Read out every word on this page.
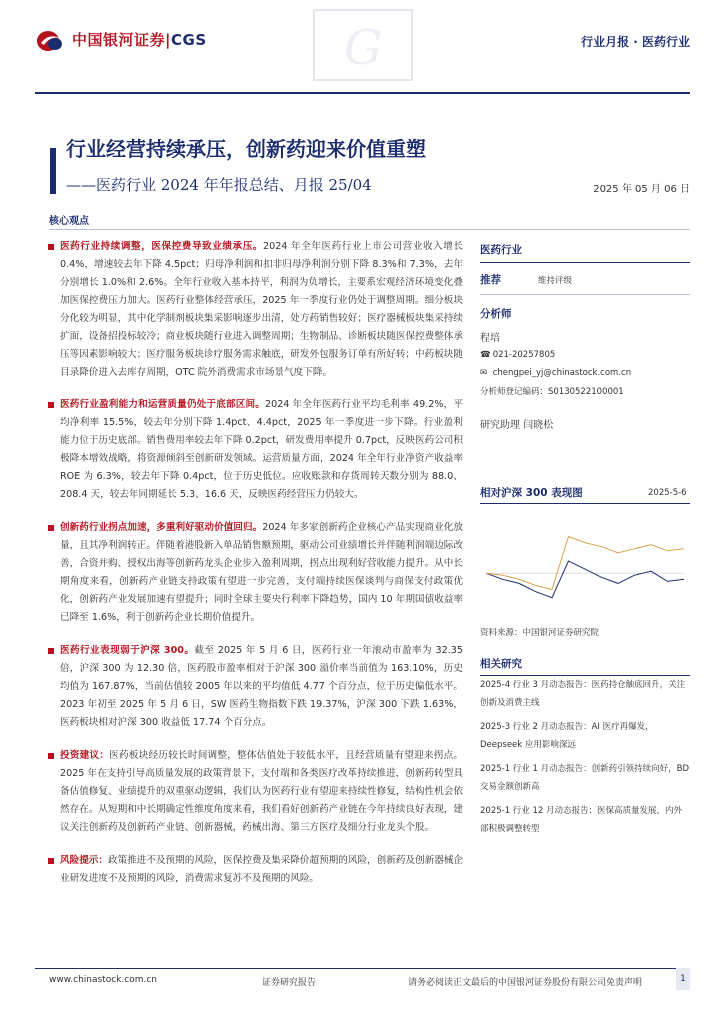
中国银河证券|CGS	G	行业月报 · 医药行业
行业经营持续承压，创新药迎来价值重塑
——医药行业 2024 年年报总结、月报 25/04	2025 年 05 月 06 日
核心观点

医药行业持续调整，医保控费导致业绩承压。2024 年全年医药行业上市公司营业收入增长 0.4%，增速较去年下降 4.5pct；归母净利润和扣非归母净利润分别下降 8.3%和 7.3%，去年分别增长 1.0%和 2.6%。全年行业收入基本持平，利润为负增长，主要系宏观经济环境变化叠加医保控费压力加大。医药行业整体经营承压，2025 年一季度行业仍处于调整周期。细分板块分化较为明显，其中化学制剂板块集采影响逐步出清，处方药销售较好；医疗器械板块集采持续扩面，设备招投标较冷；商业板块随行业进入调整周期；生物制品、诊断板块随医保控费整体承压等因素影响较大；医疗服务板块诊疗服务需求触底，研发外包服务订单有所好转；中药板块随目录降价进入去库存周期，OTC 院外消费需求市场景气度下降。

医药行业盈利能力和运营质量仍处于底部区间。2024 年全年医药行业平均毛利率 49.2%，平均净利率 15.5%，较去年分别下降 1.4pct、4.4pct，2025 年一季度进一步下降。行业盈利能力位于历史底部。销售费用率较去年下降 0.2pct，研发费用率提升 0.7pct，反映医药公司积极降本增效战略，将资源倾斜至创新研发领域。运营质量方面，2024 年全年行业净资产收益率 ROE 为 6.3%，较去年下降 0.4pct，位于历史低位。应收账款和存货周转天数分别为 88.0、208.4 天，较去年同期延长 5.3、16.6 天，反映医药经营压力仍较大。

创新药行业拐点加速，多重利好驱动价值回归。2024 年多家创新药企业核心产品实现商业化放量，且其净利润转正。伴随着港股新入单品销售额预期，驱动公司业绩增长并伴随利润端边际改善，合资并购、授权出海等创新药龙头企业步入盈利周期，拐点出现利好营收能力提升。从中长期角度来看，创新药产业链支持政策有望进一步完善，支付端持续医保谈判与商保支付政策优化，创新药产业发展加速有望提升；同时全球主要央行利率下降趋势，国内 10 年期国债收益率已降至 1.6%，利于创新药企业长期价值提升。

医药行业表现弱于沪深 300。截至 2025 年 5 月 6 日，医药行业一年滚动市盈率为 32.35 倍，沪深 300 为 12.30 倍，医药股市盈率相对于沪深 300 溢价率当前值为 163.10%，历史均值为 167.87%，当前估值较 2005 年以来的平均值低 4.77 个百分点，位于历史偏低水平。2023 年初至 2025 年 5 月 6 日，SW 医药生物指数下跌 19.37%，沪深 300 下跌 1.63%，医药板块相对沪深 300 收益低 17.74 个百分点。

投资建议：医药板块经历较长时间调整，整体估值处于较低水平，且经营质量有望迎来拐点。2025 年在支持引导高质量发展的政策背景下，支付端和各类医疗改革持续推进，创新药转型具备估值修复、业绩提升的双重驱动逻辑，我们认为医药行业有望迎来持续性修复，结构性机会依然存在。从短期和中长期确定性维度角度来看，我们看好创新药产业链在今年持续良好表现，建议关注创新药及创新药产业链、创新器械，药械出海、第三方医疗及细分行业龙头个股。

风险提示：政策推进不及预期的风险，医保控费及集采降价超预期的风险，创新药及创新器械企业研发进度不及预期的风险，消费需求复苏不及预期的风险。

医药行业
推荐	维持评级
分析师
程培
☎ 021-20257805
✉ chengpei_yj@chinastock.com.cn
分析师登记编码：S0130522100001
研究助理 闫晓松
相对沪深 300 表现图	2025-5-6
资料来源：中国银河证券研究院
相关研究
2025-4 行业 3 月动态报告：医药持仓触底回升，关注创新及消费主线
2025-3 行业 2 月动态报告：AI 医疗再爆发，Deepseek 应用影响深远
2025-1 行业 1 月动态报告：创新药引领持续向好，BD 交易金额创新高
2025-1 行业 12 月动态报告：医保高质量发展，内外部积极调整转型
www.chinastock.com.cn	证券研究报告	请务必阅读正文最后的中国银河证券股份有限公司免责声明	1
